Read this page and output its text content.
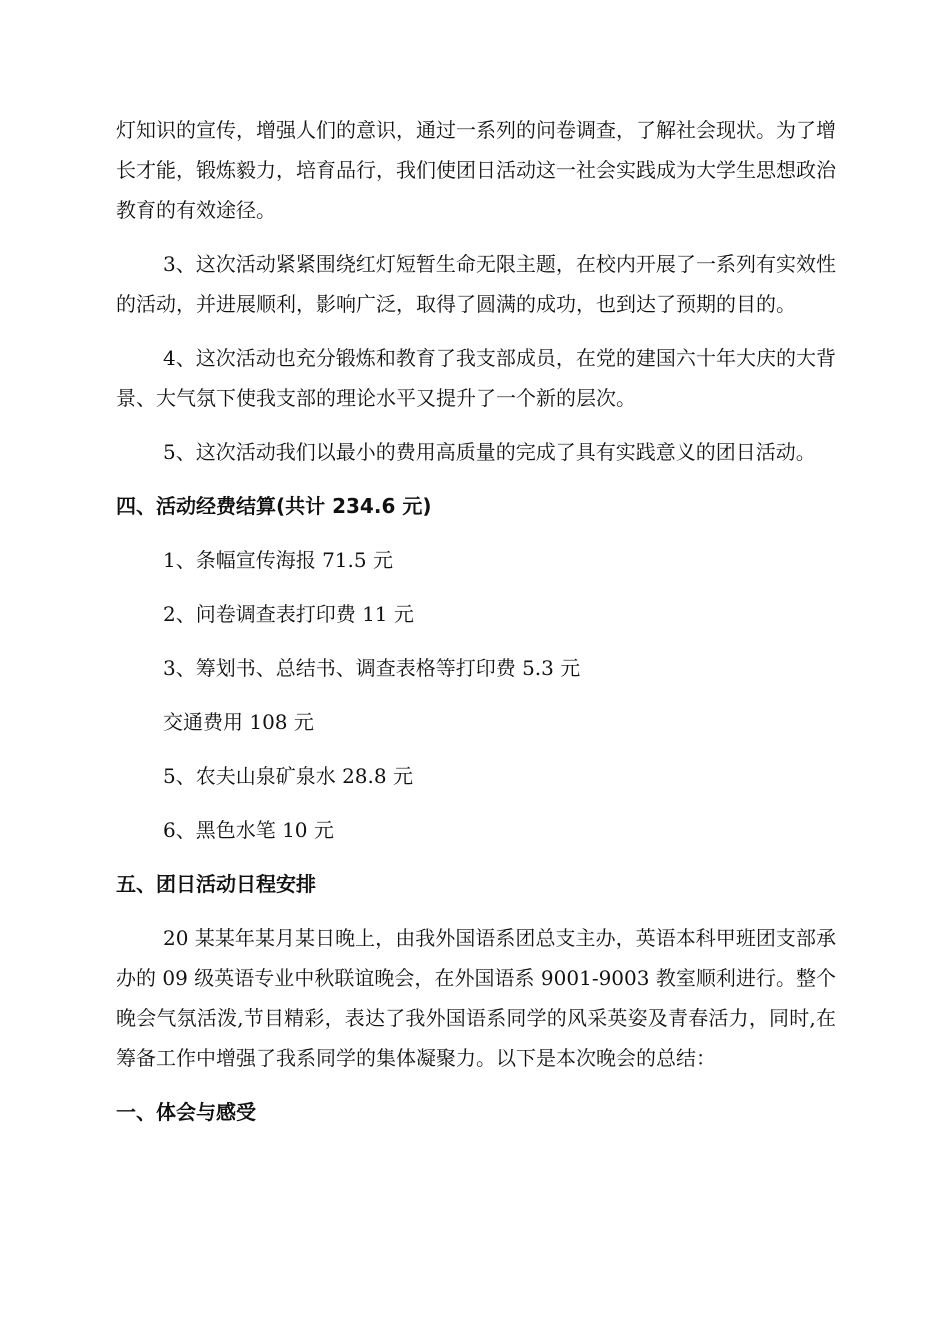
灯知识的宣传，增强人们的意识，通过一系列的问卷调查，了解社会现状。为了增长才能，锻炼毅力，培育品行，我们使团日活动这一社会实践成为大学生思想政治教育的有效途径。

3、这次活动紧紧围绕红灯短暂生命无限主题，在校内开展了一系列有实效性的活动，并进展顺利，影响广泛，取得了圆满的成功，也到达了预期的目的。

4、这次活动也充分锻炼和教育了我支部成员，在党的建国六十年大庆的大背景、大气氛下使我支部的理论水平又提升了一个新的层次。

5、这次活动我们以最小的费用高质量的完成了具有实践意义的团日活动。

四、活动经费结算(共计 234.6 元)

1、条幅宣传海报 71.5 元

2、问卷调查表打印费 11 元

3、筹划书、总结书、调查表格等打印费 5.3 元

交通费用 108 元

5、农夫山泉矿泉水 28.8 元

6、黑色水笔 10 元

五、团日活动日程安排

20 某某年某月某日晚上，由我外国语系团总支主办，英语本科甲班团支部承办的 09 级英语专业中秋联谊晚会，在外国语系 9001-9003 教室顺利进行。整个晚会气氛活泼,节目精彩，表达了我外国语系同学的风采英姿及青春活力，同时,在筹备工作中增强了我系同学的集体凝聚力。以下是本次晚会的总结：

一、体会与感受
